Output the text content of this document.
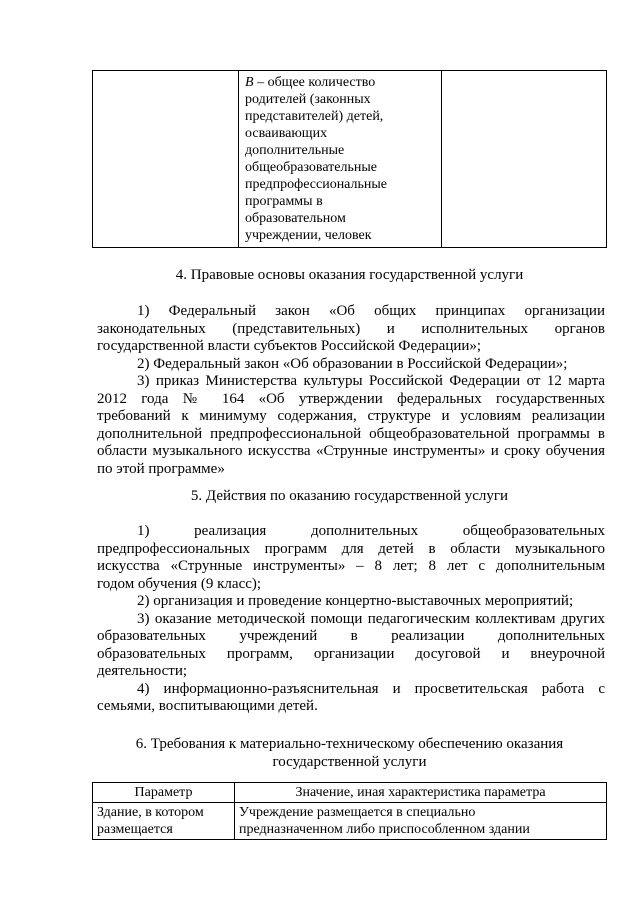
В – общее количество
родителей (законных
представителей) детей,
осваивающих
дополнительные
общеобразовательные
предпрофессиональные
программы в
образовательном
учреждении, человек

4. Правовые основы оказания государственной услуги
1) Федеральный закон «Об общих принципах организации
законодательных (представительных) и исполнительных органов
государственной власти субъектов Российской Федерации»;
2) Федеральный закон «Об образовании в Российской Федерации»;
3) приказ Министерства культуры Российской Федерации от 12 марта
2012 года № 164 «Об утверждении федеральных государственных
требований к минимуму содержания, структуре и условиям реализации
дополнительной предпрофессиональной общеобразовательной программы в
области музыкального искусства «Струнные инструменты» и сроку обучения
по этой программе»
5. Действия по оказанию государственной услуги
1) реализация дополнительных общеобразовательных
предпрофессиональных программ для детей в области музыкального
искусства «Струнные инструменты» – 8 лет; 8 лет с дополнительным
годом обучения (9 класс);
2) организация и проведение концертно-выставочных мероприятий;
3) оказание методической помощи педагогическим коллективам других
образовательных учреждений в реализации дополнительных
образовательных программ, организации досуговой и внеурочной
деятельности;
4) информационно-разъяснительная и просветительская работа с
семьями, воспитывающими детей.
6. Требования к материально-техническому обеспечению оказания
государственной услуги
Параметр	Значение, иная характеристика параметра

Здание, в котором
размещается	Учреждение размещается в специально
предназначенном либо приспособленном здании
